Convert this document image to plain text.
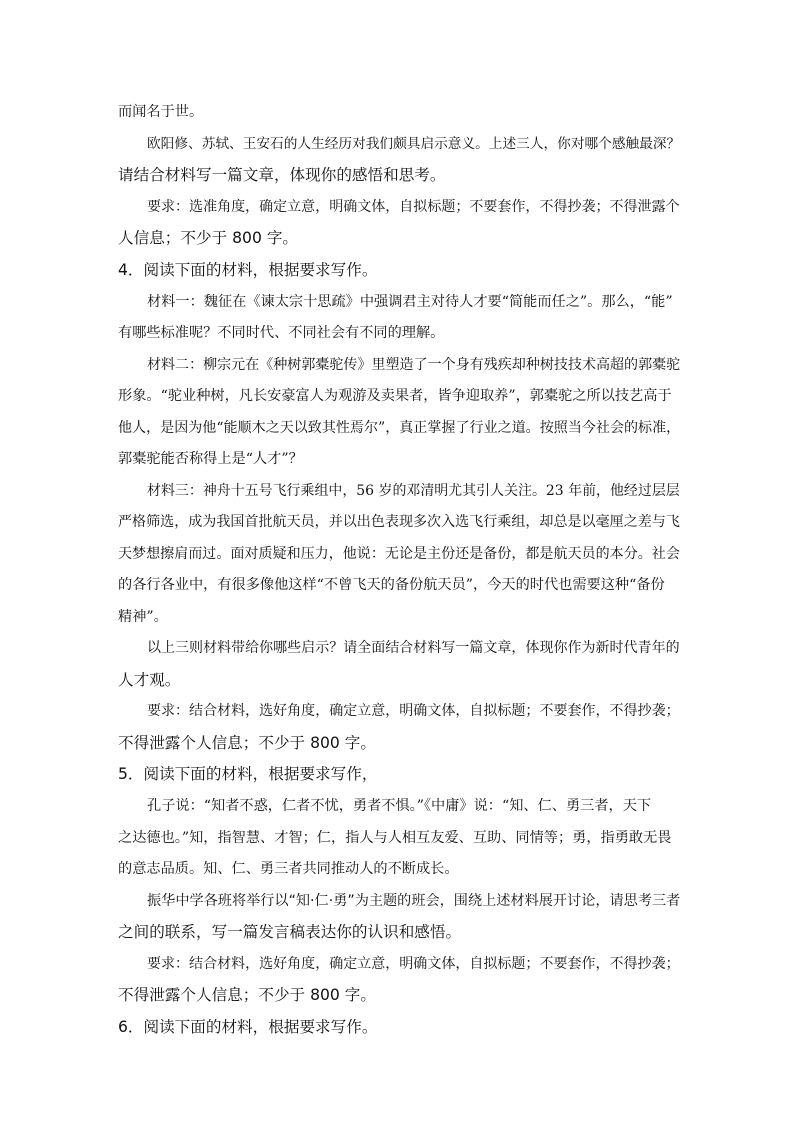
而闻名于世。
欧阳修、苏轼、王安石的人生经历对我们颇具启示意义。上述三人，你对哪个感触最深？
请结合材料写一篇文章，体现你的感悟和思考。
要求：选准角度，确定立意，明确文体，自拟标题；不要套作，不得抄袭；不得泄露个
人信息；不少于 800 字。
4．阅读下面的材料，根据要求写作。
材料一：魏征在《谏太宗十思疏》中强调君主对待人才要“简能而任之”。那么，“能”
有哪些标准呢？不同时代、不同社会有不同的理解。
材料二：柳宗元在《种树郭橐驼传》里塑造了一个身有残疾却种树技技术高超的郭橐驼
形象。“驼业种树，凡长安豪富人为观游及卖果者，皆争迎取养”，郭橐驼之所以技艺高于
他人，是因为他“能顺木之天以致其性焉尔”，真正掌握了行业之道。按照当今社会的标准，
郭橐驼能否称得上是“人才”？
材料三：神舟十五号飞行乘组中，56 岁的邓清明尤其引人关注。23 年前，他经过层层
严格筛选，成为我国首批航天员，并以出色表现多次入选飞行乘组，却总是以毫厘之差与飞
天梦想擦肩而过。面对质疑和压力，他说：无论是主份还是备份，都是航天员的本分。社会
的各行各业中，有很多像他这样“不曾飞天的备份航天员”，今天的时代也需要这种“备份
精神”。
以上三则材料带给你哪些启示？请全面结合材料写一篇文章，体现你作为新时代青年的
人才观。
要求：结合材料，选好角度，确定立意，明确文体，自拟标题；不要套作，不得抄袭；
不得泄露个人信息；不少于 800 字。
5．阅读下面的材料，根据要求写作，
孔子说：“知者不惑，仁者不忧，勇者不惧。”《中庸》说：“知、仁、勇三者，天下
之达德也。”知，指智慧、才智；仁，指人与人相互友爱、互助、同情等；勇，指勇敢无畏
的意志品质。知、仁、勇三者共同推动人的不断成长。
振华中学各班将举行以“知·仁·勇”为主题的班会，围绕上述材料展开讨论，请思考三者
之间的联系，写一篇发言稿表达你的认识和感悟。
要求：结合材料，选好角度，确定立意，明确文体，自拟标题；不要套作，不得抄袭；
不得泄露个人信息；不少于 800 字。
6．阅读下面的材料，根据要求写作。
